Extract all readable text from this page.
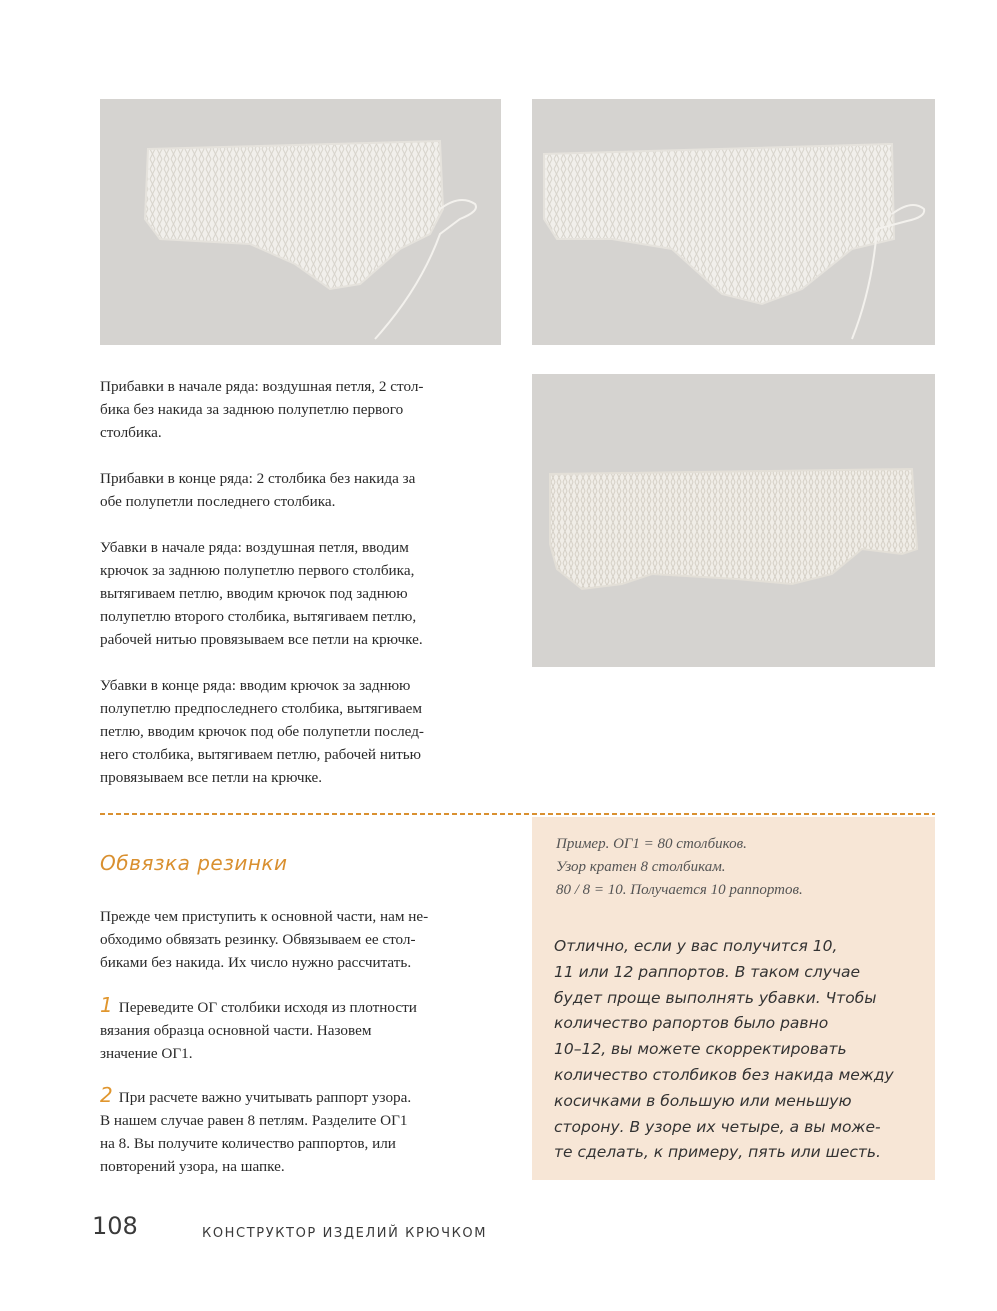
Прибавки в начале ряда: воздушная петля, 2 стол-

бика без накида за заднюю полупетлю первого

столбика.

Прибавки в конце ряда: 2 столбика без накида за

обе полупетли последнего столбика.

Убавки в начале ряда: воздушная петля, вводим

крючок за заднюю полупетлю первого столбика,

вытягиваем петлю, вводим крючок под заднюю

полупетлю второго столбика, вытягиваем петлю,

рабочей нитью провязываем все петли на крючке.

Убавки в конце ряда: вводим крючок за заднюю

полупетлю предпоследнего столбика, вытягиваем

петлю, вводим крючок под обе полупетли послед-

него столбика, вытягиваем петлю, рабочей нитью

провязываем все петли на крючке.

Пример. ОГ1 = 80 столбиков.
Узор кратен 8 столбикам.
80 / 8 = 10. Получается 10 раппортов.
Отлично, если у вас получится 10,
11 или 12 раппортов. В таком случае
будет проще выполнять убавки. Чтобы
количество рапортов было равно
10–12, вы можете скорректировать
количество столбиков без накида между
косичками в большую или меньшую
сторону. В узоре их четыре, а вы може-
те сделать, к примеру, пять или шесть.
Обвязка резинки

Прежде чем приступить к основной части, нам не-

обходимо обвязать резинку. Обвязываем ее стол-

биками без накида. Их число нужно рассчитать.

1 Переведите ОГ столбики исходя из плотности

вязания образца основной части. Назовем

значение ОГ1.

2 При расчете важно учитывать раппорт узора.

В нашем случае равен 8 петлям. Разделите ОГ1

на 8. Вы получите количество раппортов, или

повторений узора, на шапке.

108	КОНСТРУКТОР ИЗДЕЛИЙ КРЮЧКОМ
